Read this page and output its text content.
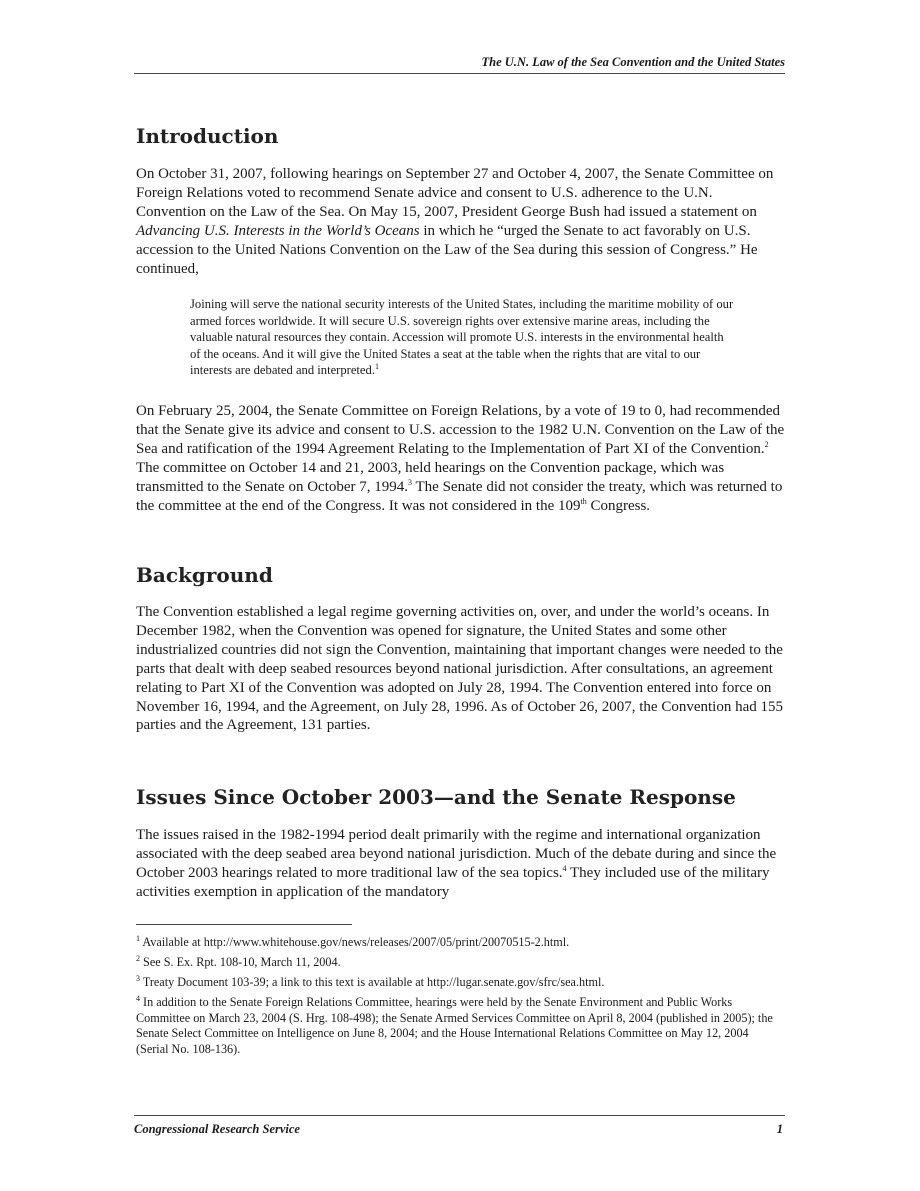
The U.N. Law of the Sea Convention and the United States
Introduction

On October 31, 2007, following hearings on September 27 and October 4, 2007, the Senate Committee on Foreign Relations voted to recommend Senate advice and consent to U.S. adherence to the U.N. Convention on the Law of the Sea. On May 15, 2007, President George Bush had issued a statement on Advancing U.S. Interests in the World’s Oceans in which he “urged the Senate to act favorably on U.S. accession to the United Nations Convention on the Law of the Sea during this session of Congress.” He continued,

Joining will serve the national security interests of the United States, including the maritime mobility of our armed forces worldwide. It will secure U.S. sovereign rights over extensive marine areas, including the valuable natural resources they contain. Accession will promote U.S. interests in the environmental health of the oceans. And it will give the United States a seat at the table when the rights that are vital to our interests are debated and interpreted.$^1$

On February 25, 2004, the Senate Committee on Foreign Relations, by a vote of 19 to 0, had recommended that the Senate give its advice and consent to U.S. accession to the 1982 U.N. Convention on the Law of the Sea and ratification of the 1994 Agreement Relating to the Implementation of Part XI of the Convention.$^2$ The committee on October 14 and 21, 2003, held hearings on the Convention package, which was transmitted to the Senate on October 7, 1994.$^3$ The Senate did not consider the treaty, which was returned to the committee at the end of the Congress. It was not considered in the 109th Congress.

Background

The Convention established a legal regime governing activities on, over, and under the world’s oceans. In December 1982, when the Convention was opened for signature, the United States and some other industrialized countries did not sign the Convention, maintaining that important changes were needed to the parts that dealt with deep seabed resources beyond national jurisdiction. After consultations, an agreement relating to Part XI of the Convention was adopted on July 28, 1994. The Convention entered into force on November 16, 1994, and the Agreement, on July 28, 1996. As of October 26, 2007, the Convention had 155 parties and the Agreement, 131 parties.

Issues Since October 2003—and the Senate Response

The issues raised in the 1982-1994 period dealt primarily with the regime and international organization associated with the deep seabed area beyond national jurisdiction. Much of the debate during and since the October 2003 hearings related to more traditional law of the sea topics.$^4$ They included use of the military activities exemption in application of the mandatory

$^1$ Available at http://www.whitehouse.gov/news/releases/2007/05/print/20070515-2.html.

$^2$ See S. Ex. Rpt. 108-10, March 11, 2004.

$^3$ Treaty Document 103-39; a link to this text is available at http://lugar.senate.gov/sfrc/sea.html.

$^4$ In addition to the Senate Foreign Relations Committee, hearings were held by the Senate Environment and Public Works Committee on March 23, 2004 (S. Hrg. 108-498); the Senate Armed Services Committee on April 8, 2004 (published in 2005); the Senate Select Committee on Intelligence on June 8, 2004; and the House International Relations Committee on May 12, 2004 (Serial No. 108-136).

Congressional Research Service	1
